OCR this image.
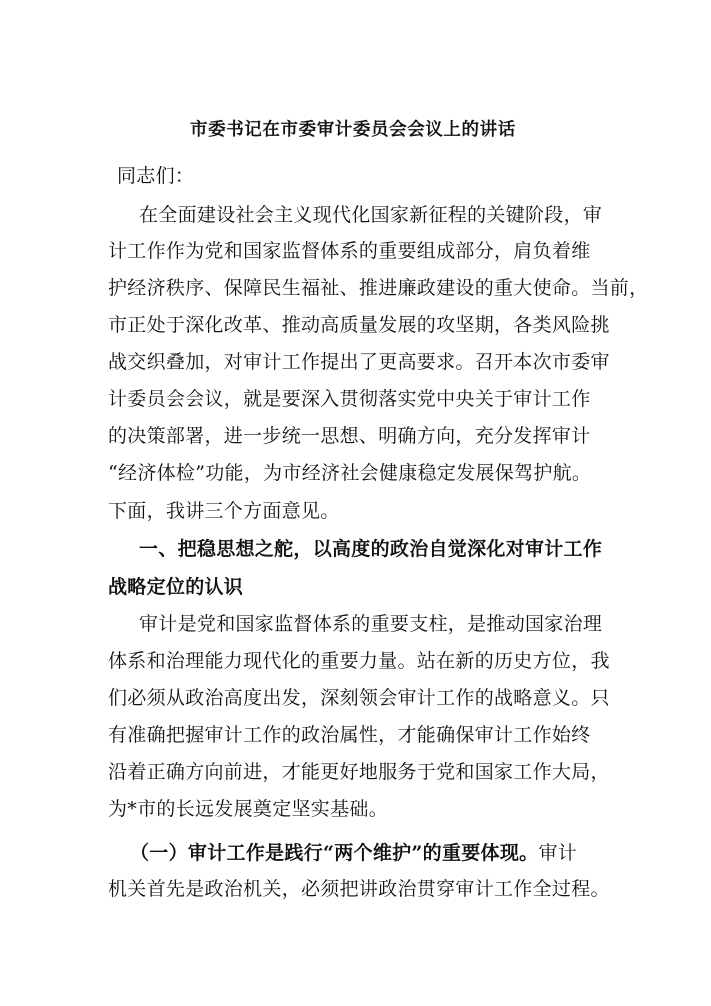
市委书记在市委审计委员会会议上的讲话
同志们：
在全面建设社会主义现代化国家新征程的关键阶段，审
计工作作为党和国家监督体系的重要组成部分，肩负着维
护经济秩序、保障民生福祉、推进廉政建设的重大使命。当前，
市正处于深化改革、推动高质量发展的攻坚期，各类风险挑
战交织叠加，对审计工作提出了更高要求。召开本次市委审
计委员会会议，就是要深入贯彻落实党中央关于审计工作
的决策部署，进一步统一思想、明确方向，充分发挥审计
“经济体检”功能，为市经济社会健康稳定发展保驾护航。
下面，我讲三个方面意见。
一、把稳思想之舵，以高度的政治自觉深化对审计工作
战略定位的认识
审计是党和国家监督体系的重要支柱，是推动国家治理
体系和治理能力现代化的重要力量。站在新的历史方位，我
们必须从政治高度出发，深刻领会审计工作的战略意义。只
有准确把握审计工作的政治属性，才能确保审计工作始终
沿着正确方向前进，才能更好地服务于党和国家工作大局，
为*市的长远发展奠定坚实基础。
（一）审计工作是践行“两个维护”的重要体现。审计
机关首先是政治机关，必须把讲政治贯穿审计工作全过程。
